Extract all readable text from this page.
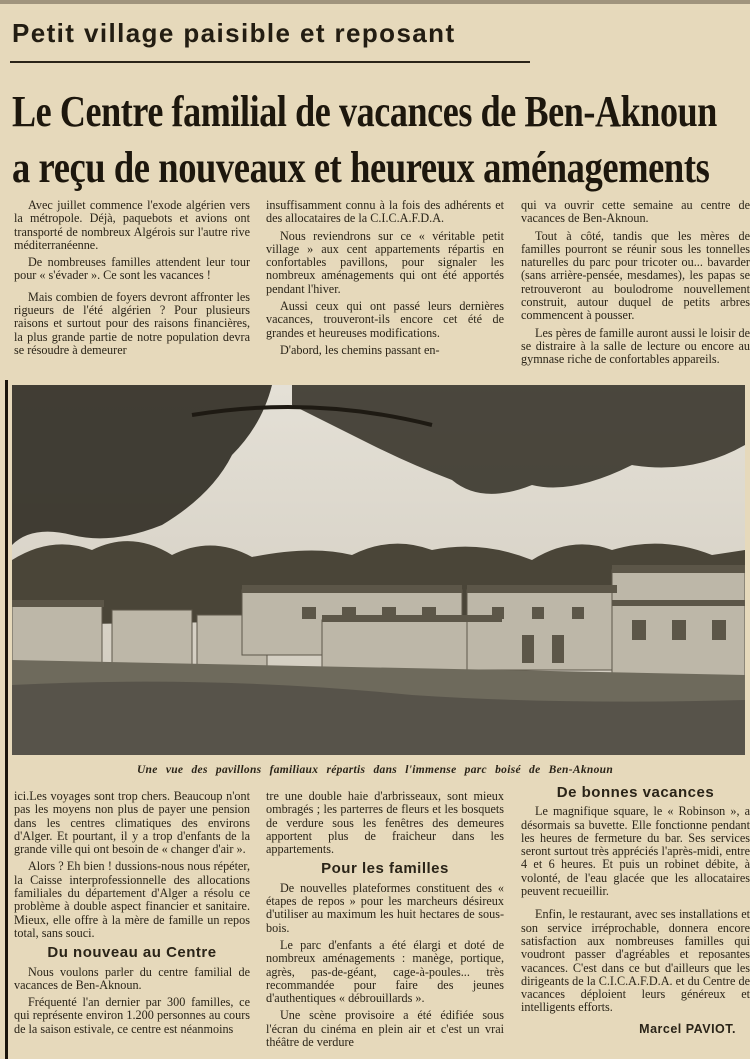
Petit village paisible et reposant
Le Centre familial de vacances de Ben-Aknoun
a reçu de nouveaux et heureux aménagements

Avec juillet commence l'exode algérien vers la métropole. Déjà, paquebots et avions ont transporté de nombreux Algérois sur l'autre rive méditerranéenne.

De nombreuses familles attendent leur tour pour « s'évader ». Ce sont les vacances !

Mais combien de foyers devront affronter les rigueurs de l'été algérien ? Pour plusieurs raisons et surtout pour des raisons financières, la plus grande partie de notre population devra se résoudre à demeurer

insuffisamment connu à la fois des adhérents et des allocataires de la C.I.C.A.F.D.A.

Nous reviendrons sur ce « véritable petit village » aux cent appartements répartis en confortables pavillons, pour signaler les nombreux aménagements qui ont été apportés pendant l'hiver.

Aussi ceux qui ont passé leurs dernières vacances, trouveront-ils encore cet été de grandes et heureuses modifications.

D'abord, les chemins passant en-

qui va ouvrir cette semaine au centre de vacances de Ben-Aknoun.

Tout à côté, tandis que les mères de familles pourront se réunir sous les tonnelles naturelles du parc pour tricoter ou... bavarder (sans arrière-pensée, mesdames), les papas se retrouveront au boulodrome nouvellement construit, autour duquel de petits arbres commencent à pousser.

Les pères de famille auront aussi le loisir de se distraire à la salle de lecture ou encore au gymnase riche de confortables appareils.

Une vue des pavillons familiaux répartis dans l'immense parc boisé de Ben-Aknoun

ici.Les voyages sont trop chers. Beaucoup n'ont pas les moyens non plus de payer une pension dans les centres climatiques des environs d'Alger. Et pourtant, il y a trop d'enfants de la grande ville qui ont besoin de « changer d'air ».

Alors ? Eh bien ! dussions-nous nous répéter, la Caisse interprofessionnelle des allocations familiales du département d'Alger a résolu ce problème à double aspect financier et sanitaire. Mieux, elle offre à la mère de famille un repos total, sans souci.

Du nouveau au Centre

Nous voulons parler du centre familial de vacances de Ben-Aknoun.

Fréquenté l'an dernier par 300 familles, ce qui représente environ 1.200 personnes au cours de la saison estivale, ce centre est néanmoins

tre une double haie d'arbrisseaux, sont mieux ombragés ; les parterres de fleurs et les bosquets de verdure sous les fenêtres des demeures apportent plus de fraicheur dans les appartements.

Pour les familles

De nouvelles plateformes constituent des « étapes de repos » pour les marcheurs désireux d'utiliser au maximum les huit hectares de sous-bois.

Le parc d'enfants a été élargi et doté de nombreux aménagements : manège, portique, agrès, pas-de-géant, cage-à-poules... très recommandée pour faire des jeunes d'authentiques « débrouillards ».

Une scène provisoire a été édifiée sous l'écran du cinéma en plein air et c'est un vrai théâtre de verdure

De bonnes vacances

Le magnifique square, le « Robinson », a désormais sa buvette. Elle fonctionne pendant les heures de fermeture du bar. Ses services seront surtout très appréciés l'après-midi, entre 4 et 6 heures. Et puis un robinet débite, à volonté, de l'eau glacée que les allocataires peuvent recueillir.

Enfin, le restaurant, avec ses installations et son service irréprochable, donnera encore satisfaction aux nombreuses familles qui voudront passer d'agréables et reposantes vacances. C'est dans ce but d'ailleurs que les dirigeants de la C.I.C.A.F.D.A. et du Centre de vacances déploient leurs généreux et intelligents efforts.

Marcel PAVIOT.
